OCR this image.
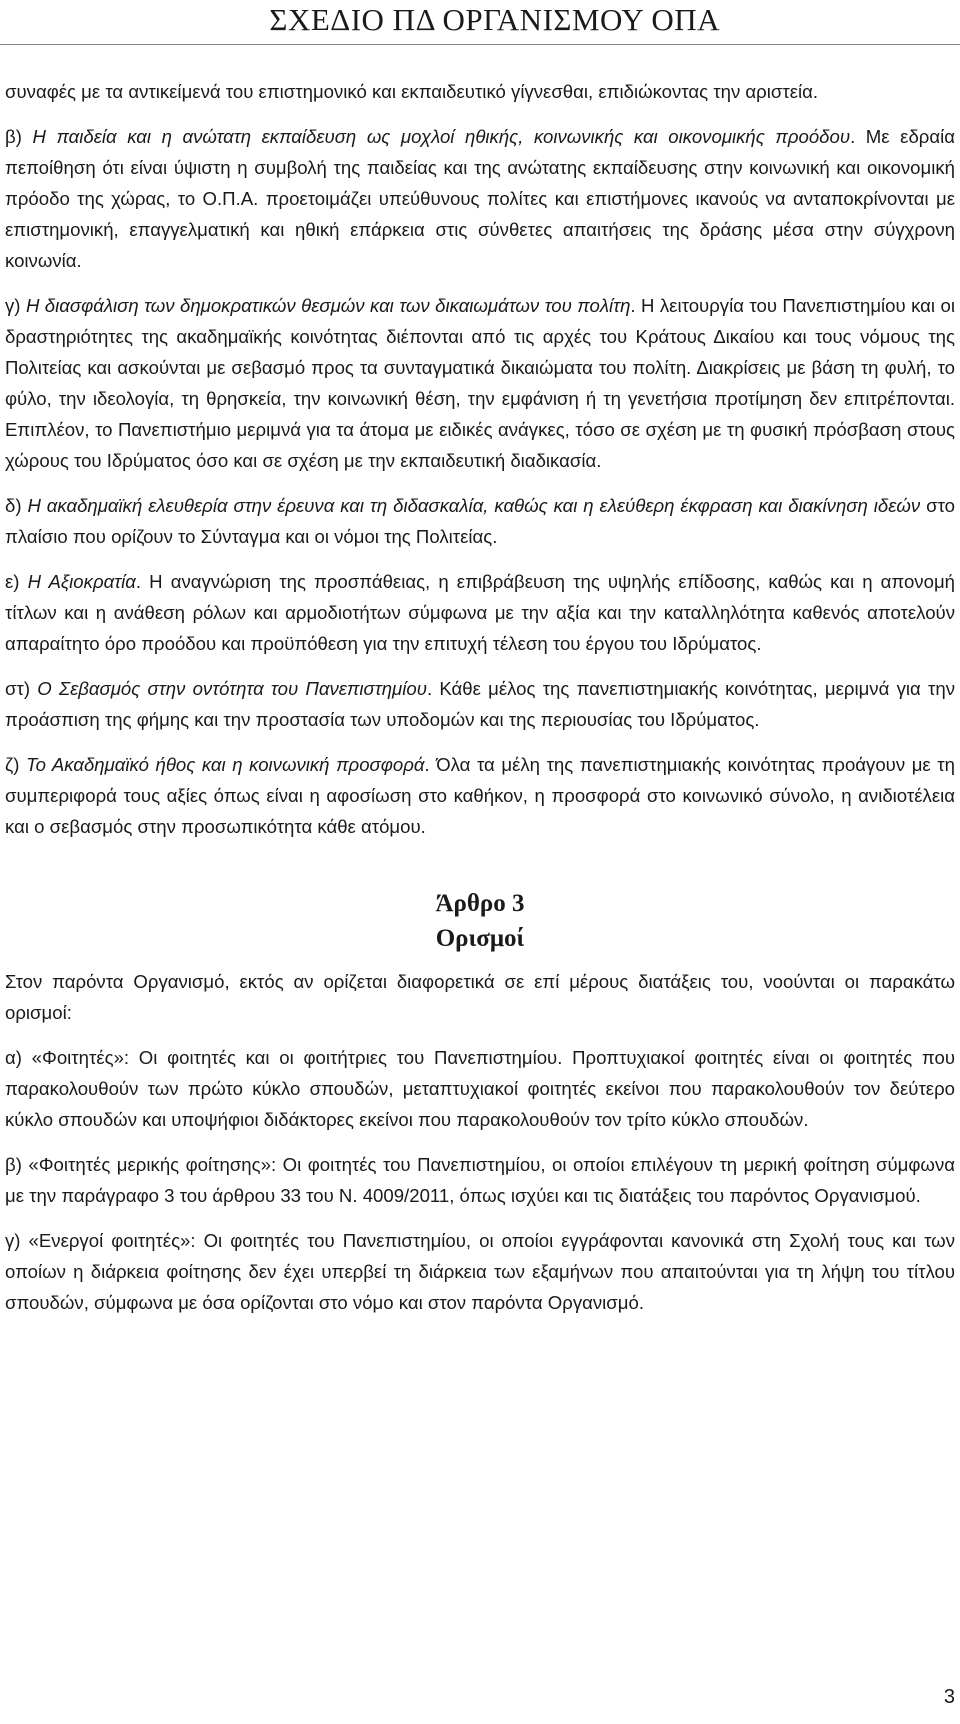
ΣΧΕΔΙΟ ΠΔ ΟΡΓΑΝΙΣΜΟΥ ΟΠΑ

συναφές με τα αντικείμενά του επιστημονικό και εκπαιδευτικό γίγνεσθαι, επιδιώκοντας την αριστεία.

β) Η παιδεία και η ανώτατη εκπαίδευση ως μοχλοί ηθικής, κοινωνικής και οικονομικής προόδου. Με εδραία πεποίθηση ότι είναι ύψιστη η συμβολή της παιδείας και της ανώτατης εκπαίδευσης στην κοινωνική και οικονομική πρόοδο της χώρας, το Ο.Π.Α. προετοιμάζει υπεύθυνους πολίτες και επιστήμονες ικανούς να ανταποκρίνονται με επιστημονική, επαγγελματική και ηθική επάρκεια στις σύνθετες απαιτήσεις της δράσης μέσα στην σύγχρονη κοινωνία.

γ) Η διασφάλιση των δημοκρατικών θεσμών και των δικαιωμάτων του πολίτη. Η λειτουργία του Πανεπιστημίου και οι δραστηριότητες της ακαδημαϊκής κοινότητας διέπονται από τις αρχές του Κράτους Δικαίου και τους νόμους της Πολιτείας και ασκούνται με σεβασμό προς τα συνταγματικά δικαιώματα του πολίτη. Διακρίσεις με βάση τη φυλή, το φύλο, την ιδεολογία, τη θρησκεία, την κοινωνική θέση, την εμφάνιση ή τη γενετήσια προτίμηση δεν επιτρέπονται. Επιπλέον, το Πανεπιστήμιο μεριμνά για τα άτομα με ειδικές ανάγκες, τόσο σε σχέση με τη φυσική πρόσβαση στους χώρους του Ιδρύματος όσο και σε σχέση με την εκπαιδευτική διαδικασία.

δ) Η ακαδημαϊκή ελευθερία στην έρευνα και τη διδασκαλία, καθώς και η ελεύθερη έκφραση και διακίνηση ιδεών στο πλαίσιο που ορίζουν το Σύνταγμα και οι νόμοι της Πολιτείας.

ε) Η Αξιοκρατία. Η αναγνώριση της προσπάθειας, η επιβράβευση της υψηλής επίδοσης, καθώς και η απονομή τίτλων και η ανάθεση ρόλων και αρμοδιοτήτων σύμφωνα με την αξία και την καταλληλότητα καθενός αποτελούν απαραίτητο όρο προόδου και προϋπόθεση για την επιτυχή τέλεση του έργου του Ιδρύματος.

στ) Ο Σεβασμός στην οντότητα του Πανεπιστημίου. Κάθε μέλος της πανεπιστημιακής κοινότητας, μεριμνά για την προάσπιση της φήμης και την προστασία των υποδομών και της περιουσίας του Ιδρύματος.

ζ) Το Ακαδημαϊκό ήθος και η κοινωνική προσφορά. Όλα τα μέλη της πανεπιστημιακής κοινότητας προάγουν με τη συμπεριφορά τους αξίες όπως είναι η αφοσίωση στο καθήκον, η προσφορά στο κοινωνικό σύνολο, η ανιδιοτέλεια και ο σεβασμός στην προσωπικότητα κάθε ατόμου.

Άρθρο 3
Ορισμοί

Στον παρόντα Οργανισμό, εκτός αν ορίζεται διαφορετικά σε επί μέρους διατάξεις του, νοούνται οι παρακάτω ορισμοί:

α) «Φοιτητές»: Οι φοιτητές και οι φοιτήτριες του Πανεπιστημίου. Προπτυχιακοί φοιτητές είναι οι φοιτητές που παρακολουθούν των πρώτο κύκλο σπουδών, μεταπτυχιακοί φοιτητές εκείνοι που παρακολουθούν τον δεύτερο κύκλο σπουδών και υποψήφιοι διδάκτορες εκείνοι που παρακολουθούν τον τρίτο κύκλο σπουδών.

β) «Φοιτητές μερικής φοίτησης»: Οι φοιτητές του Πανεπιστημίου, οι οποίοι επιλέγουν τη μερική φοίτηση σύμφωνα με την παράγραφο 3 του άρθρου 33 του Ν. 4009/2011, όπως ισχύει και τις διατάξεις του παρόντος Οργανισμού.

γ) «Ενεργοί φοιτητές»: Οι φοιτητές του Πανεπιστημίου, οι οποίοι εγγράφονται κανονικά στη Σχολή τους και των οποίων η διάρκεια φοίτησης δεν έχει υπερβεί τη διάρκεια των εξαμήνων που απαιτούνται για τη λήψη του τίτλου σπουδών, σύμφωνα με όσα ορίζονται στο νόμο και στον παρόντα Οργανισμό.

3
